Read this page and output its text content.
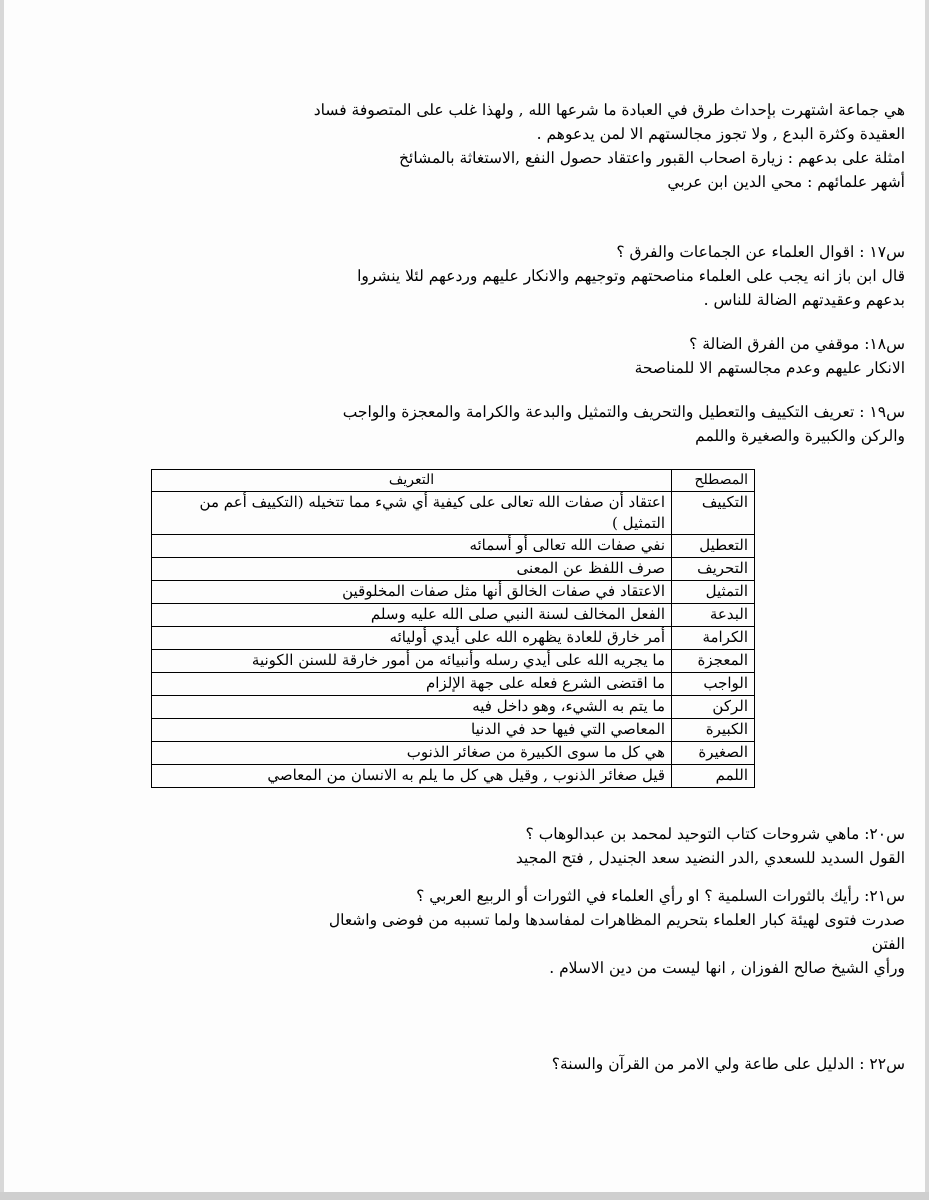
هي جماعة اشتهرت بإحداث طرق في العبادة ما شرعها الله , ولهذا غلب على المتصوفة فساد

العقيدة وكثرة البدع , ولا تجوز مجالستهم الا لمن يدعوهم .

امثلة على بدعهم : زيارة اصحاب القبور واعتقاد حصول النفع ,الاستغاثة بالمشائخ

أشهر علمائهم : محي الدين ابن عربي

س١٧ : اقوال العلماء عن الجماعات والفرق ؟

قال ابن باز انه يجب على العلماء مناصحتهم وتوجيهم والانكار عليهم وردعهم لئلا ينشروا

بدعهم وعقيدتهم الضالة للناس .

س١٨: موقفي من الفرق الضالة ؟

الانكار عليهم وعدم مجالستهم الا للمناصحة

س١٩ : تعريف التكييف والتعطيل والتحريف والتمثيل والبدعة والكرامة والمعجزة والواجب

والركن والكبيرة والصغيرة واللمم

المصطلح	التعريف
التكييف	اعتقاد أن صفات الله تعالى على كيفية أي شيء مما تتخيله (التكييف أعم من التمثيل )
التعطيل	نفي صفات الله تعالى أو أسمائه
التحريف	صرف اللفظ عن المعنى
التمثيل	الاعتقاد في صفات الخالق أنها مثل صفات المخلوقين
البدعة	الفعل المخالف لسنة النبي صلى الله عليه وسلم
الكرامة	أمر خارق للعادة يظهره الله على أيدي أوليائه
المعجزة	ما يجريه الله على أيدي رسله وأنبيائه من أمور خارقة للسنن الكونية
الواجب	ما اقتضى الشرع فعله على جهة الإلزام
الركن	ما يتم به الشيء، وهو داخل فيه
الكبيرة	المعاصي التي فيها حد في الدنيا
الصغيرة	هي كل ما سوى الكبيرة من صغائر الذنوب
اللمم	قيل صغائر الذنوب , وقيل هي كل ما يلم به الانسان من المعاصي

س٢٠: ماهي شروحات كتاب التوحيد لمحمد بن عبدالوهاب ؟

القول السديد للسعدي ,الدر النضيد سعد الجنيدل , فتح المجيد

س٢١: رأيك بالثورات السلمية ؟ او رأي العلماء في الثورات أو الربيع العربي ؟

صدرت فتوى لهيئة كبار العلماء بتحريم المظاهرات لمفاسدها ولما تسببه من فوضى واشعال

الفتن

ورأي الشيخ صالح الفوزان , انها ليست من دين الاسلام .

س٢٢ : الدليل على طاعة ولي الامر من القرآن والسنة؟
